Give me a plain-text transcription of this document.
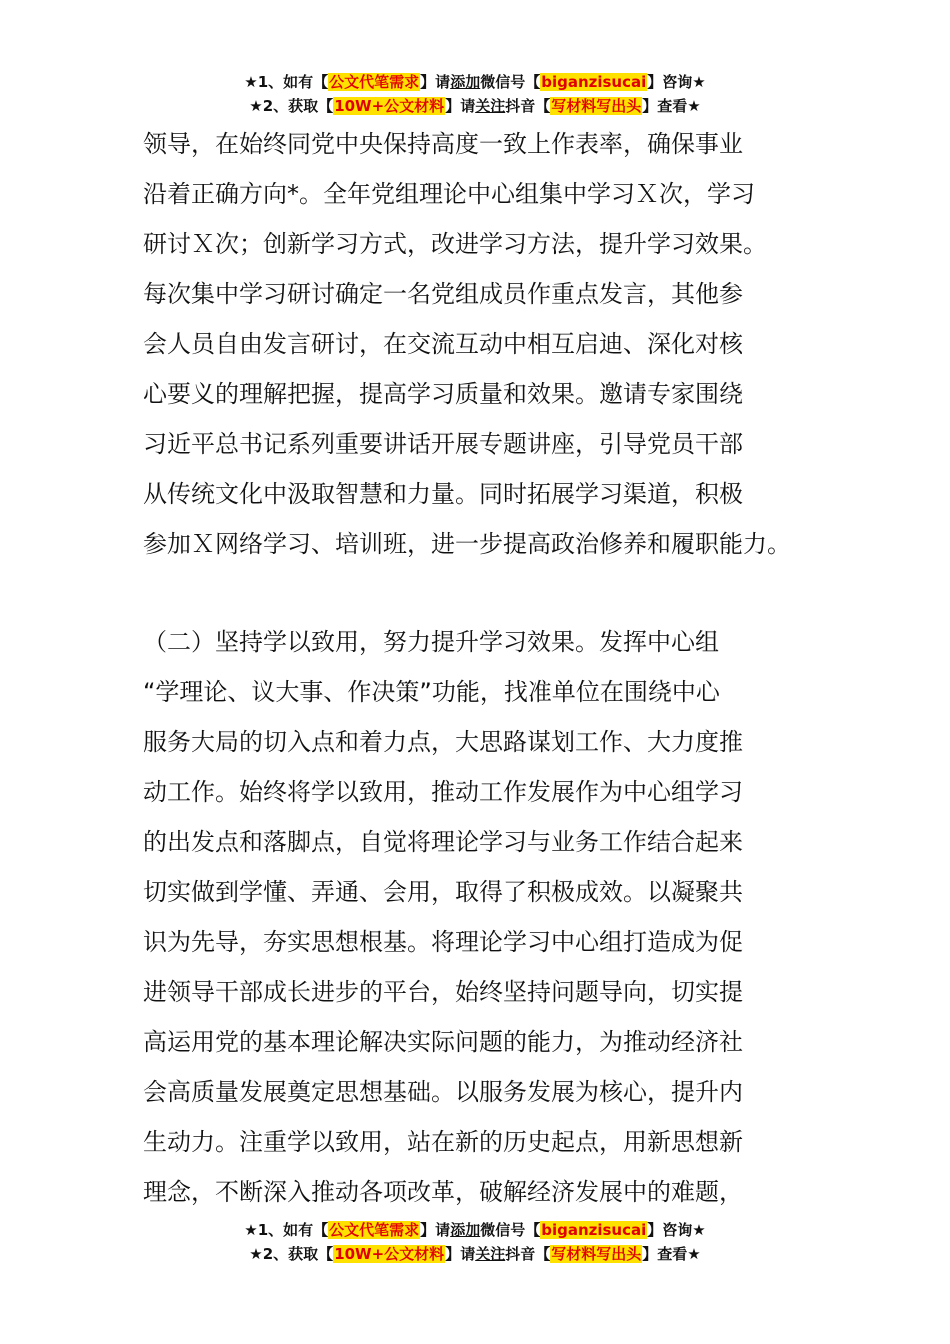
★1、如有【公文代笔需求】请添加微信号【biganzisucai】咨询★
★2、获取【10W+公文材料】请关注抖音【写材料写出头】查看★
领导，在始终同党中央保持高度一致上作表率，确保事业
沿着正确方向*。全年党组理论中心组集中学习Ｘ次，学习
研讨Ｘ次；创新学习方式，改进学习方法，提升学习效果。
每次集中学习研讨确定一名党组成员作重点发言，其他参
会人员自由发言研讨，在交流互动中相互启迪、深化对核
心要义的理解把握，提高学习质量和效果。邀请专家围绕
习近平总书记系列重要讲话开展专题讲座，引导党员干部
从传统文化中汲取智慧和力量。同时拓展学习渠道，积极
参加Ｘ网络学习、培训班，进一步提高政治修养和履职能力。
（二）坚持学以致用，努力提升学习效果。发挥中心组
“学理论、议大事、作决策”功能，找准单位在围绕中心
服务大局的切入点和着力点，大思路谋划工作、大力度推
动工作。始终将学以致用，推动工作发展作为中心组学习
的出发点和落脚点，自觉将理论学习与业务工作结合起来
切实做到学懂、弄通、会用，取得了积极成效。以凝聚共
识为先导，夯实思想根基。将理论学习中心组打造成为促
进领导干部成长进步的平台，始终坚持问题导向，切实提
高运用党的基本理论解决实际问题的能力，为推动经济社
会高质量发展奠定思想基础。以服务发展为核心，提升内
生动力。注重学以致用，站在新的历史起点，用新思想新
理念，不断深入推动各项改革，破解经济发展中的难题，
★1、如有【公文代笔需求】请添加微信号【biganzisucai】咨询★
★2、获取【10W+公文材料】请关注抖音【写材料写出头】查看★
